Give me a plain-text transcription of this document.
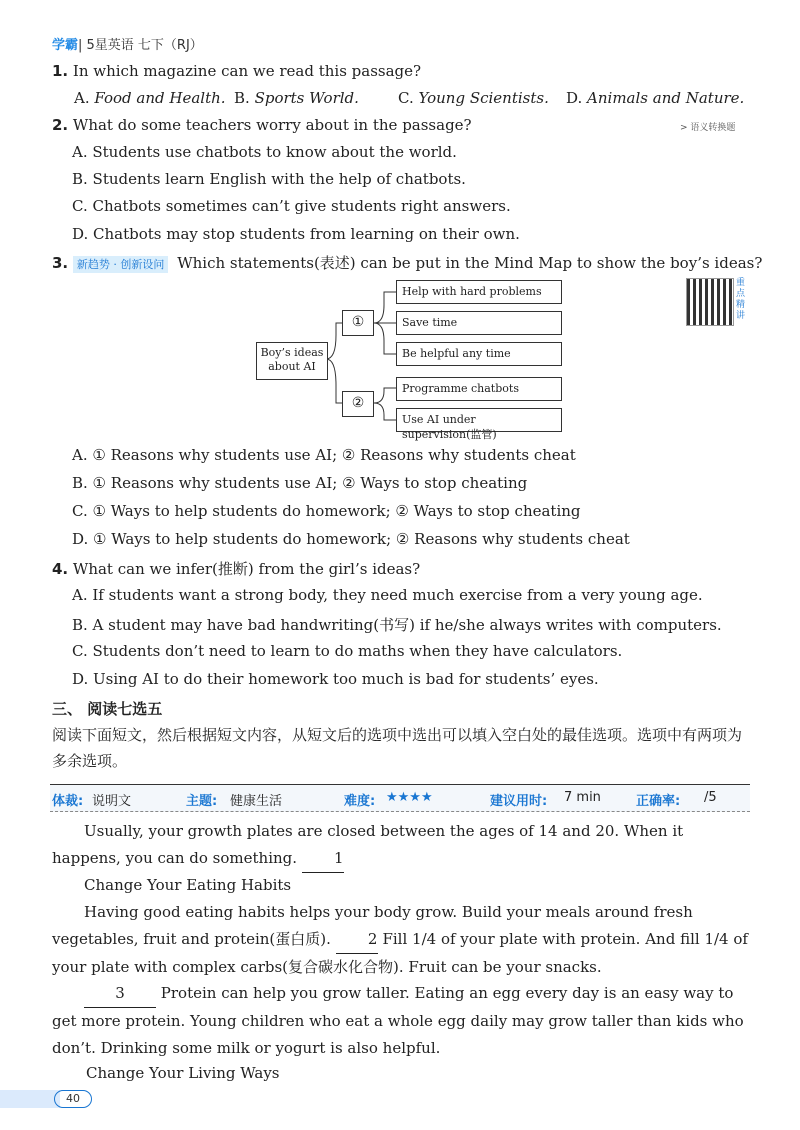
学霸| 5星英语 七下（RJ）
1. In which magazine can we read this passage?
A. Food and Health. B. Sports World.	C. Young Scientists. D. Animals and Nature.
2. What do some teachers worry about in the passage?	> 语义转换题
A. Students use chatbots to know about the world.
B. Students learn English with the help of chatbots.
C. Chatbots sometimes can’t give students right answers.
D. Chatbots may stop students from learning on their own.
3. 新趋势 · 创新设问 Which statements(表述) can be put in the Mind Map to show the boy’s ideas?
重点精讲
Boy’s ideas about AI
①
②
Help with hard problems
Save time
Be helpful any time
Programme chatbots
Use AI under supervision(监管)
A. ① Reasons why students use AI; ② Reasons why students cheat
B. ① Reasons why students use AI; ② Ways to stop cheating
C. ① Ways to help students do homework; ② Ways to stop cheating
D. ① Ways to help students do homework; ② Reasons why students cheat
4. What can we infer(推断) from the girl’s ideas?
A. If students want a strong body, they need much exercise from a very young age.
B. A student may have bad handwriting(书写) if he/she always writes with computers.
C. Students don’t need to learn to do maths when they have calculators.
D. Using AI to do their homework too much is bad for students’ eyes.
三、 阅读七选五
阅读下面短文，然后根据短文内容，从短文后的选项中选出可以填入空白处的最佳选项。选项中有两项为多余选项。
体裁: 说明文	主题: 健康生活	难度: ★★★★	建议用时: 7 min	正确率: /5
Usually, your growth plates are closed between the ages of 14 and 20. When it happens, you can do something. 1
Change Your Eating Habits
Having good eating habits helps your body grow. Build your meals around fresh vegetables, fruit and protein(蛋白质). 2 Fill 1/4 of your plate with protein. And fill 1/4 of your plate with complex carbs(复合碳水化合物). Fruit can be your snacks.
3 Protein can help you grow taller. Eating an egg every day is an easy way to get more protein. Young children who eat a whole egg daily may grow taller than kids who don’t. Drinking some milk or yogurt is also helpful.
Change Your Living Ways
40
